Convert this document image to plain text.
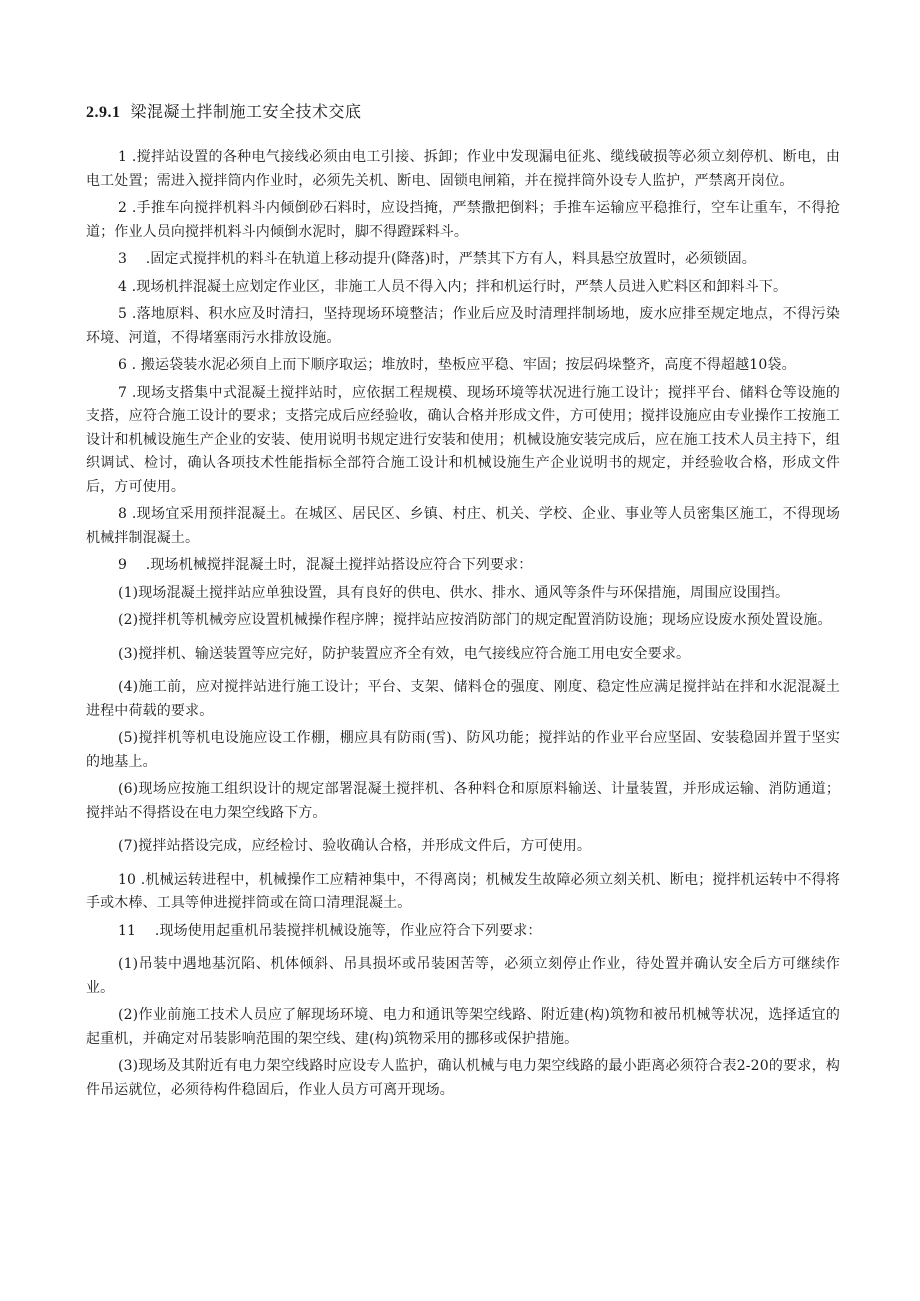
2.9.1 梁混凝土拌制施工安全技术交底

1 .搅拌站设置的各种电气接线必须由电工引接、拆卸；作业中发现漏电征兆、缆线破损等必须立刻停机、断电，由电工处置；需进入搅拌筒内作业时，必须先关机、断电、固锁电闸箱，并在搅拌筒外设专人监护，严禁离开岗位。

2 .手推车向搅拌机料斗内倾倒砂石料时，应设挡掩，严禁撒把倒料；手推车运输应平稳推行，空车让重车，不得抢道；作业人员向搅拌机料斗内倾倒水泥时，脚不得蹬踩料斗。

3　 .固定式搅拌机的料斗在轨道上移动提升(降落)时，严禁其下方有人，料具悬空放置时，必须锁固。

4 .现场机拌混凝土应划定作业区，非施工人员不得入内；拌和机运行时，严禁人员进入贮料区和卸料斗下。

5 .落地原料、积水应及时清扫，坚持现场环境整洁；作业后应及时清理拌制场地，废水应排至规定地点，不得污染环境、河道，不得堵塞雨污水排放设施。

6 . 搬运袋装水泥必须自上而下顺序取运；堆放时，垫板应平稳、牢固；按层码垛整齐，高度不得超越10袋。

7 .现场支搭集中式混凝土搅拌站时，应依据工程规模、现场环境等状况进行施工设计；搅拌平台、储料仓等设施的支搭，应符合施工设计的要求；支搭完成后应经验收，确认合格并形成文件，方可使用；搅拌设施应由专业操作工按施工设计和机械设施生产企业的安装、使用说明书规定进行安装和使用；机械设施安装完成后，应在施工技术人员主持下，组织调试、检讨，确认各项技术性能指标全部符合施工设计和机械设施生产企业说明书的规定，并经验收合格，形成文件后，方可使用。

8 .现场宜采用预拌混凝土。在城区、居民区、乡镇、村庄、机关、学校、企业、事业等人员密集区施工，不得现场机械拌制混凝土。

9　 .现场机械搅拌混凝土时，混凝土搅拌站搭设应符合下列要求：

(1)现场混凝土搅拌站应单独设置，具有良好的供电、供水、排水、通风等条件与环保措施，周围应设围挡。

(2)搅拌机等机械旁应设置机械操作程序牌；搅拌站应按消防部门的规定配置消防设施；现场应设废水预处置设施。

(3)搅拌机、输送装置等应完好，防护装置应齐全有效，电气接线应符合施工用电安全要求。

(4)施工前，应对搅拌站进行施工设计；平台、支架、储料仓的强度、刚度、稳定性应满足搅拌站在拌和水泥混凝土进程中荷载的要求。

(5)搅拌机等机电设施应设工作棚，棚应具有防雨(雪)、防风功能；搅拌站的作业平台应坚固、安装稳固并置于坚实的地基上。

(6)现场应按施工组织设计的规定部署混凝土搅拌机、各种料仓和原原料输送、计量装置，并形成运输、消防通道；搅拌站不得搭设在电力架空线路下方。

(7)搅拌站搭设完成，应经检讨、验收确认合格，并形成文件后，方可使用。

10 .机械运转进程中，机械操作工应精神集中，不得离岗；机械发生故障必须立刻关机、断电；搅拌机运转中不得将手或木棒、工具等伸进搅拌筒或在筒口清理混凝土。

11　 .现场使用起重机吊装搅拌机械设施等，作业应符合下列要求：

(1)吊装中遇地基沉陷、机体倾斜、吊具损坏或吊装困苦等，必须立刻停止作业，待处置并确认安全后方可继续作业。

(2)作业前施工技术人员应了解现场环境、电力和通讯等架空线路、附近建(构)筑物和被吊机械等状况，选择适宜的起重机，并确定对吊装影响范围的架空线、建(构)筑物采用的挪移或保护措施。

(3)现场及其附近有电力架空线路时应设专人监护，确认机械与电力架空线路的最小距离必须符合表2-20的要求，构件吊运就位，必须待构件稳固后，作业人员方可离开现场。
